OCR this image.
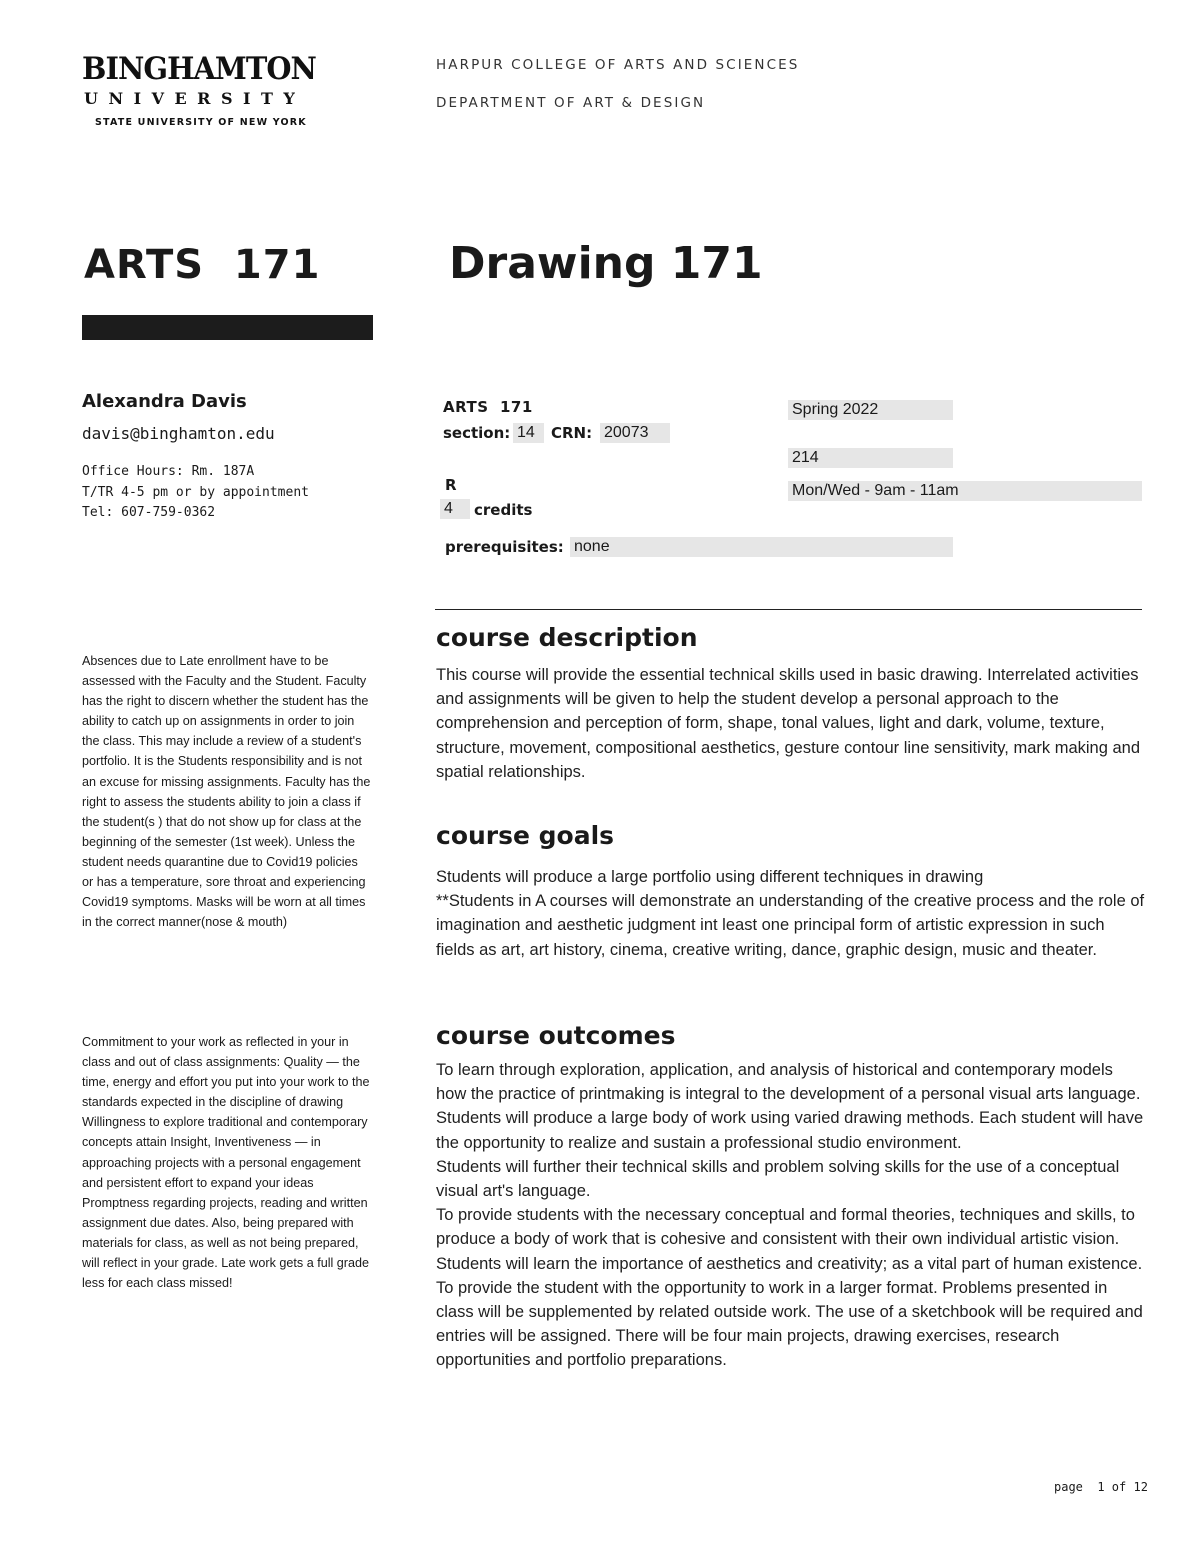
BINGHAMTON
UNIVERSITY
STATE UNIVERSITY OF NEW YORK
HARPUR COLLEGE OF ARTS AND SCIENCES
DEPARTMENT OF ART & DESIGN
ARTS  171	Drawing 171
Alexandra Davis
davis@binghamton.edu
Office Hours: Rm. 187A
T/TR 4-5 pm or by appointment
Tel: 607-759-0362
ARTS  171
section: 14	CRN: 20073
R
4	credits
prerequisites: none
Spring 2022
214
Mon/Wed - 9am - 11am
Absences due to Late enrollment have to be assessed with the Faculty and the Student. Faculty has the right to discern whether the student has the ability to catch up on assignments in order to join the class. This may include a review of a student's portfolio. It is the Students responsibility and is not an excuse for missing assignments. Faculty has the right to assess the students ability to join a class if the student(s ) that do not show up for class at the beginning of the semester (1st week). Unless the student needs quarantine due to Covid19 policies or has a temperature, sore throat and experiencing Covid19 symptoms. Masks will be worn at all times in the correct manner(nose & mouth)
Commitment to your work as reflected in your in class and out of class assignments: Quality — the time, energy and effort you put into your work to the standards expected in the discipline of drawing Willingness to explore traditional and contemporary concepts attain Insight, Inventiveness — in approaching projects with a personal engagement and persistent effort to expand your ideas Promptness regarding projects, reading and written assignment due dates. Also, being prepared with materials for class, as well as not being prepared, will reflect in your grade. Late work gets a full grade less for each class missed!
course description
This course will provide the essential technical skills used in basic drawing. Interrelated activities and assignments will be given to help the student develop a personal approach to the comprehension and perception of form, shape, tonal values, light and dark, volume, texture, structure, movement, compositional aesthetics, gesture contour line sensitivity, mark making and spatial relationships.
course goals
Students will produce a large portfolio using different techniques in drawing
**Students in A courses will demonstrate an understanding of the creative process and the role of imagination and aesthetic judgment int least one principal form of artistic expression in such fields as art, art history, cinema, creative writing, dance, graphic design, music and theater.
course outcomes
To learn through exploration, application, and analysis of historical and contemporary models how the practice of printmaking is integral to the development of a personal visual arts language.
Students will produce a large body of work using varied drawing methods. Each student will have the opportunity to realize and sustain a professional studio environment.
Students will further their technical skills and problem solving skills for the use of a conceptual visual art's language.
To provide students with the necessary conceptual and formal theories, techniques and skills, to produce a body of work that is cohesive and consistent with their own individual artistic vision.
Students will learn the importance of aesthetics and creativity; as a vital part of human existence.
To provide the student with the opportunity to work in a larger format. Problems presented in class will be supplemented by related outside work. The use of a sketchbook will be required and entries will be assigned. There will be four main projects, drawing exercises, research opportunities and portfolio preparations.
page  1 of 12
